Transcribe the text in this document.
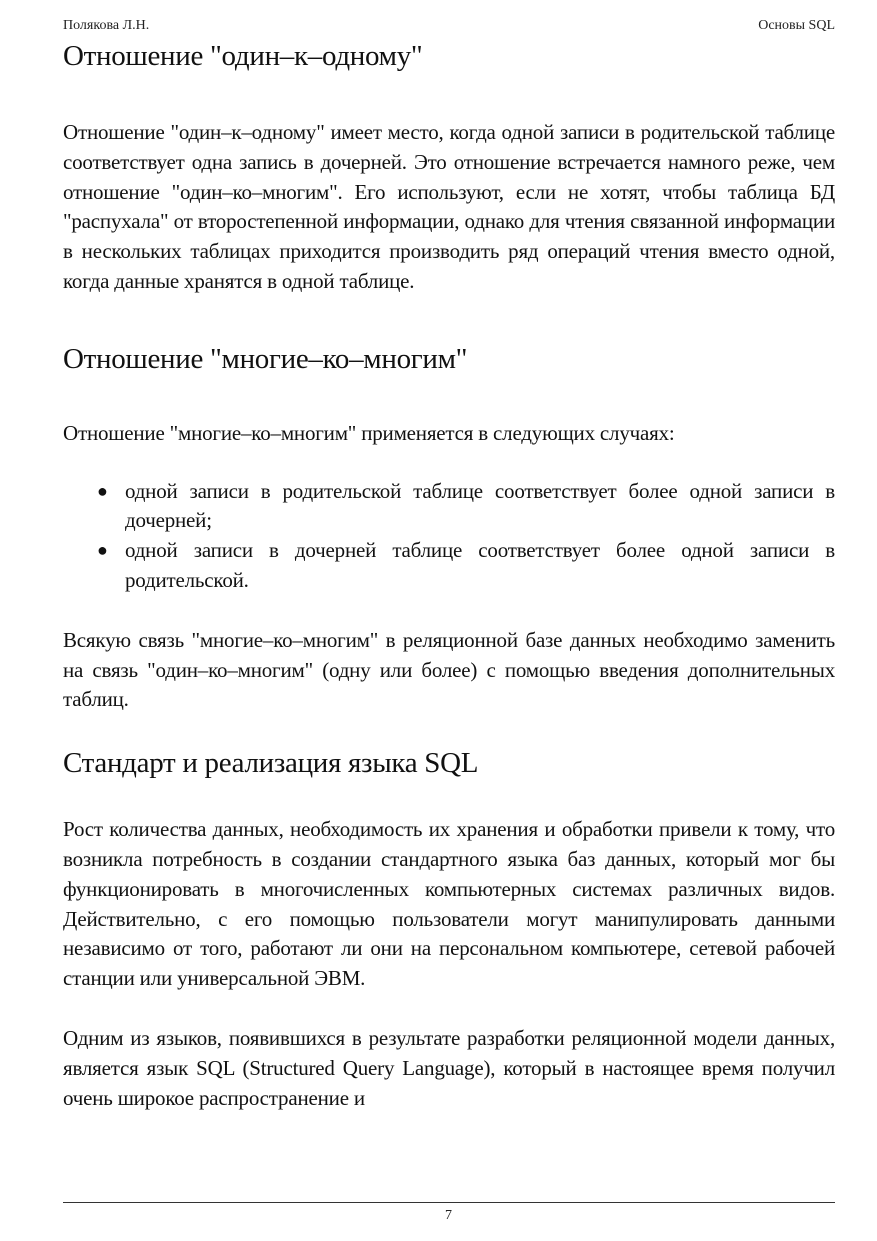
Полякова Л.Н.	Основы SQL
Отношение "один–к–одному"

Отношение "один–к–одному" имеет место, когда одной записи в родительской таблице соответствует одна запись в дочерней. Это отношение встречается намного реже, чем отношение "один–ко–многим". Его используют, если не хотят, чтобы таблица БД "распухала" от второстепенной информации, однако для чтения связанной информации в нескольких таблицах приходится производить ряд операций чтения вместо одной, когда данные хранятся в одной таблице.

Отношение "многие–ко–многим"

Отношение "многие–ко–многим" применяется в следующих случаях:

● одной записи в родительской таблице соответствует более одной записи в дочерней;
● одной записи в дочерней таблице соответствует более одной записи в родительской.

Всякую связь "многие–ко–многим" в реляционной базе данных необходимо заменить на связь "один–ко–многим" (одну или более) с помощью введения дополнительных таблиц.

Стандарт и реализация языка SQL

Рост количества данных, необходимость их хранения и обработки привели к тому, что возникла потребность в создании стандартного языка баз данных, который мог бы функционировать в многочисленных компьютерных системах различных видов. Действительно, с его помощью пользователи могут манипулировать данными независимо от того, работают ли они на персональном компьютере, сетевой рабочей станции или универсальной ЭВМ.

Одним из языков, появившихся в результате разработки реляционной модели данных, является язык SQL (Structured Query Language), который в настоящее время получил очень широкое распространение и

7
